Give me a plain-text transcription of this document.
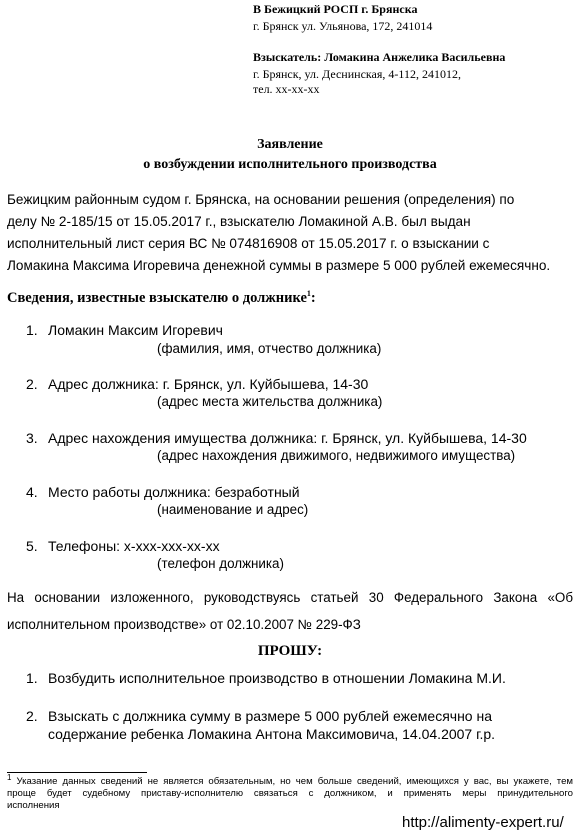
В Бежицкий РОСП г. Брянска
г. Брянск ул. Ульянова, 172, 241014
Взыскатель: Ломакина Анжелика Васильевна
г. Брянск, ул. Деснинская, 4-112, 241012,
тел. хх-хх-хх
Заявление
о возбуждении исполнительного производства
Бежицким районным судом г. Брянска, на основании решения (определения) по
делу № 2-185/15 от 15.05.2017 г., взыскателю Ломакиной А.В. был выдан
исполнительный лист серия ВС № 074816908 от 15.05.2017 г. о взыскании с
Ломакина Максима Игоревича денежной суммы в размере 5 000 рублей ежемесячно.
Сведения, известные взыскателю о должнике$^1$:
1. Ломакин Максим Игоревич
(фамилия, имя, отчество должника)
2. Адрес должника: г. Брянск, ул. Куйбышева, 14-30
(адрес места жительства должника)
3. Адрес нахождения имущества должника: г. Брянск, ул. Куйбышева, 14-30
(адрес нахождения движимого, недвижимого имущества)
4. Место работы должника: безработный
(наименование и адрес)
5. Телефоны: х-ххх-ххх-хх-хх
(телефон должника)
На основании изложенного, руководствуясь статьей 30 Федерального Закона «Об
исполнительном производстве» от 02.10.2007 № 229-ФЗ
ПРОШУ:
1. Возбудить исполнительное производство в отношении Ломакина М.И.
2. Взыскать с должника сумму в размере 5 000 рублей ежемесячно на
содержание ребенка Ломакина Антона Максимовича, 14.04.2007 г.р.
$^1$ Указание данных сведений не является обязательным, но чем больше сведений, имеющихся у вас, вы укажете, тем
проще будет судебному приставу-исполнителю связаться с должником, и применять меры принудительного
исполнения
http://alimenty-expert.ru/
